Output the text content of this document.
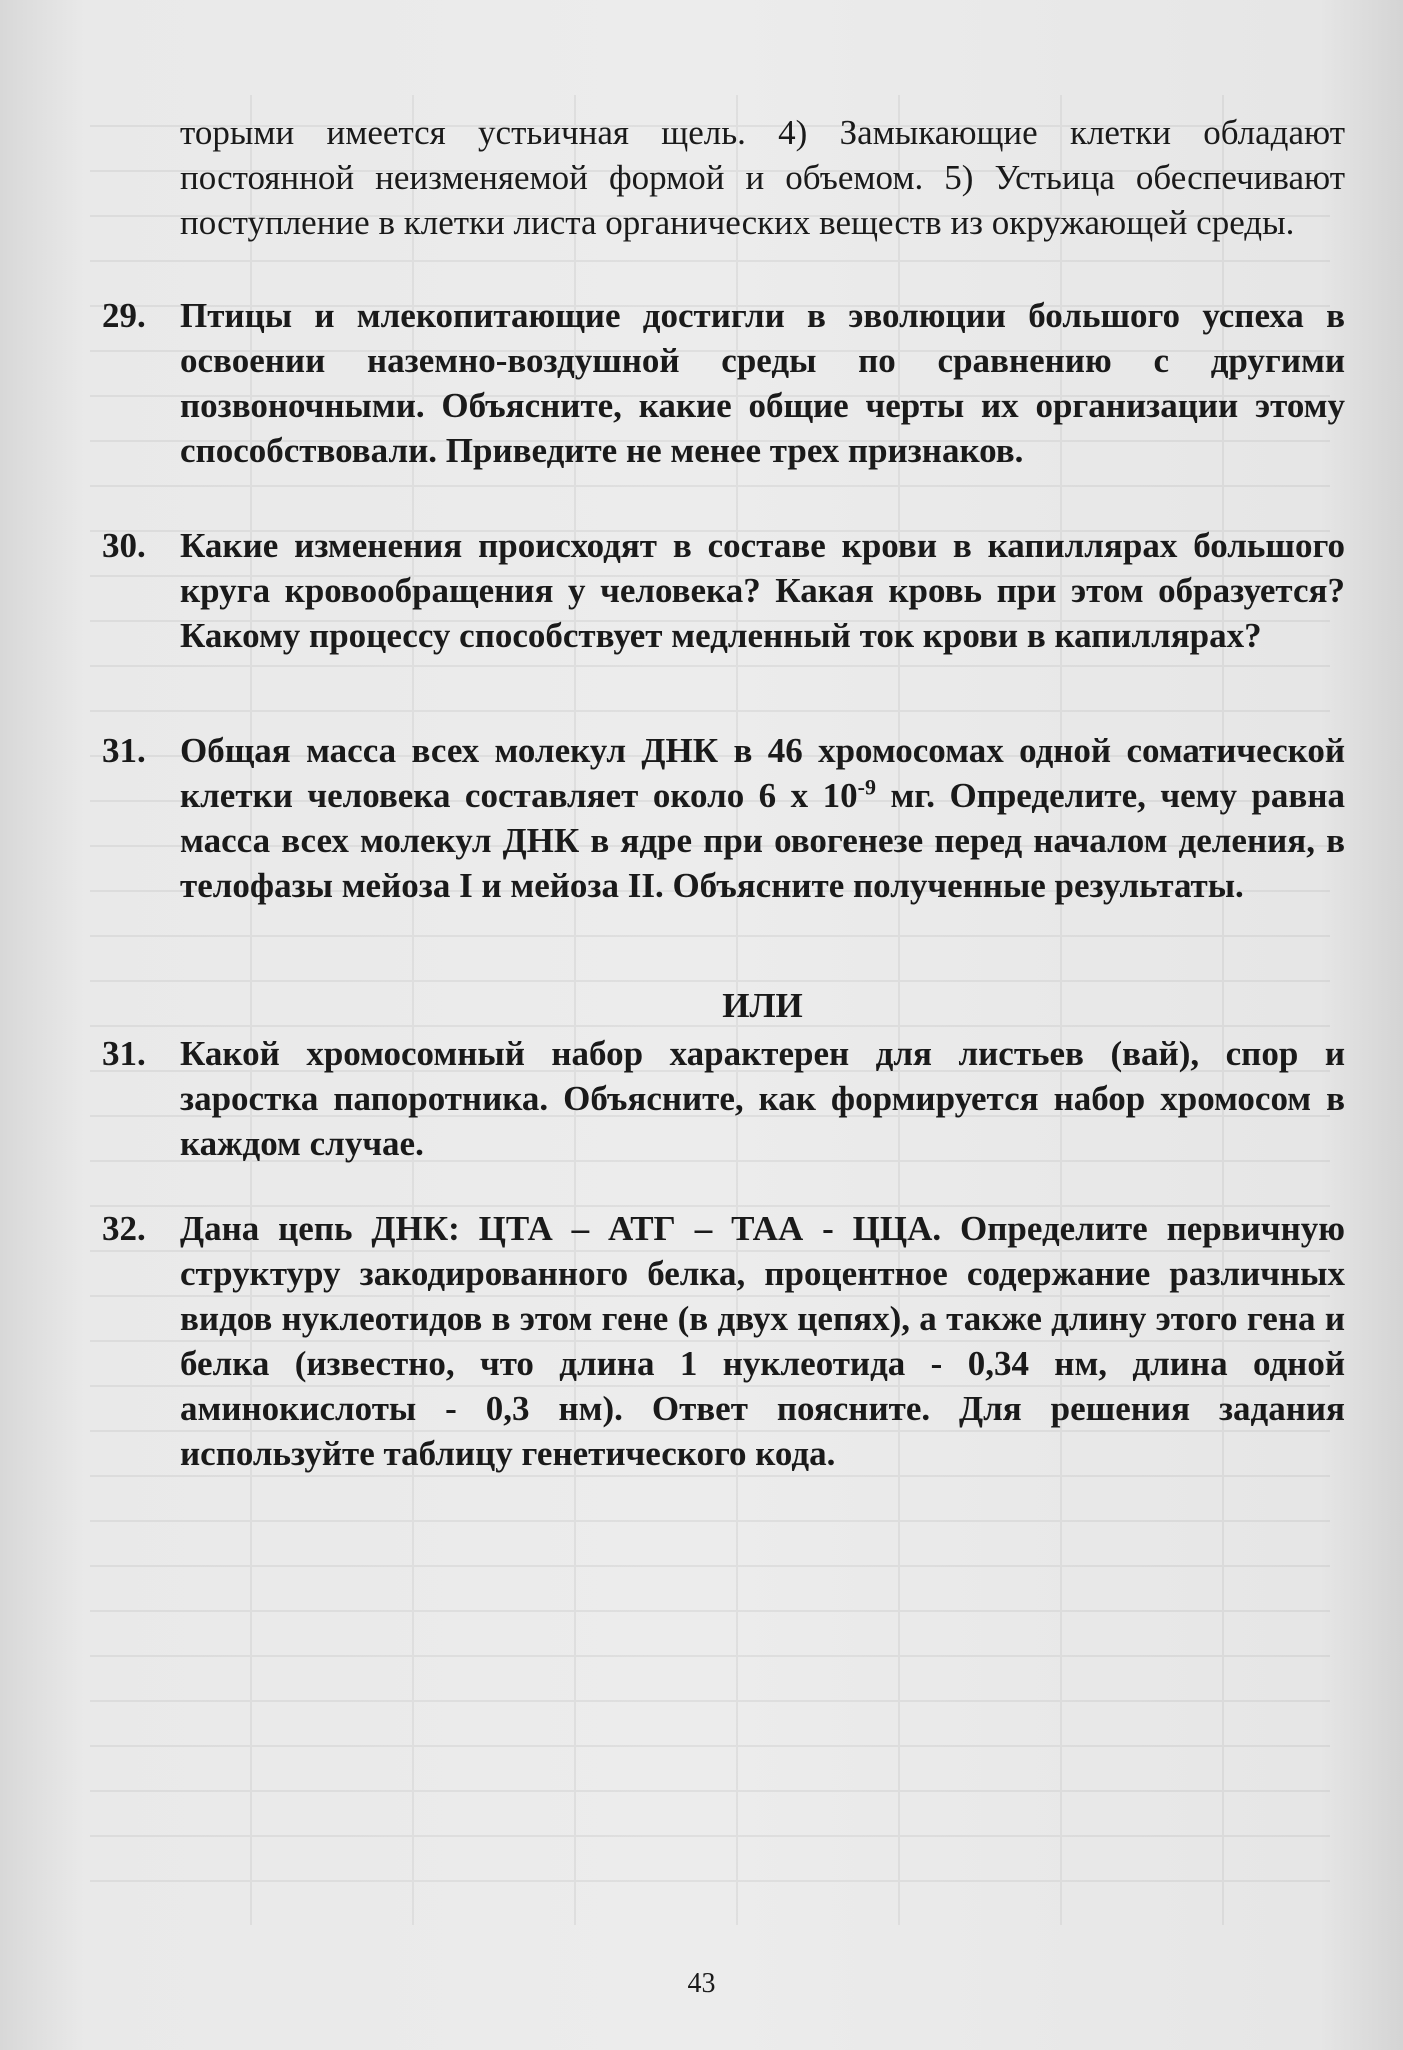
торыми имеется устьичная щель. 4) Замыкающие клетки обладают постоянной неизменяемой формой и объемом. 5) Устьица обеспечивают поступление в клетки листа органических веществ из окружающей среды.

29. Птицы и млекопитающие достигли в эволюции большого успеха в освоении наземно-воздушной среды по сравнению с другими позвоночными. Объясните, какие общие черты их организации этому способствовали. Приведите не менее трех признаков.
30. Какие изменения происходят в составе крови в капиллярах большого круга кровообращения у человека? Какая кровь при этом образуется? Какому процессу способствует медленный ток крови в капиллярах?
31. Общая масса всех молекул ДНК в 46 хромосомах одной соматической клетки человека составляет около 6 х $10^{-9}$ мг. Определите, чему равна масса всех молекул ДНК в ядре при овогенезе перед началом деления, в телофазы мейоза I и мейоза II. Объясните полученные результаты.
ИЛИ
31. Какой хромосомный набор характерен для листьев (вай), спор и заростка папоротника. Объясните, как формируется набор хромосом в каждом случае.
32. Дана цепь ДНК: ЦТА – АТГ – ТАА - ЦЦА. Определите первичную структуру закодированного белка, процентное содержание различных видов нуклеотидов в этом гене (в двух цепях), а также длину этого гена и белка (известно, что длина 1 нуклеотида - 0,34 нм, длина одной аминокислоты - 0,3 нм). Ответ поясните. Для решения задания используйте таблицу генетического кода.
43
